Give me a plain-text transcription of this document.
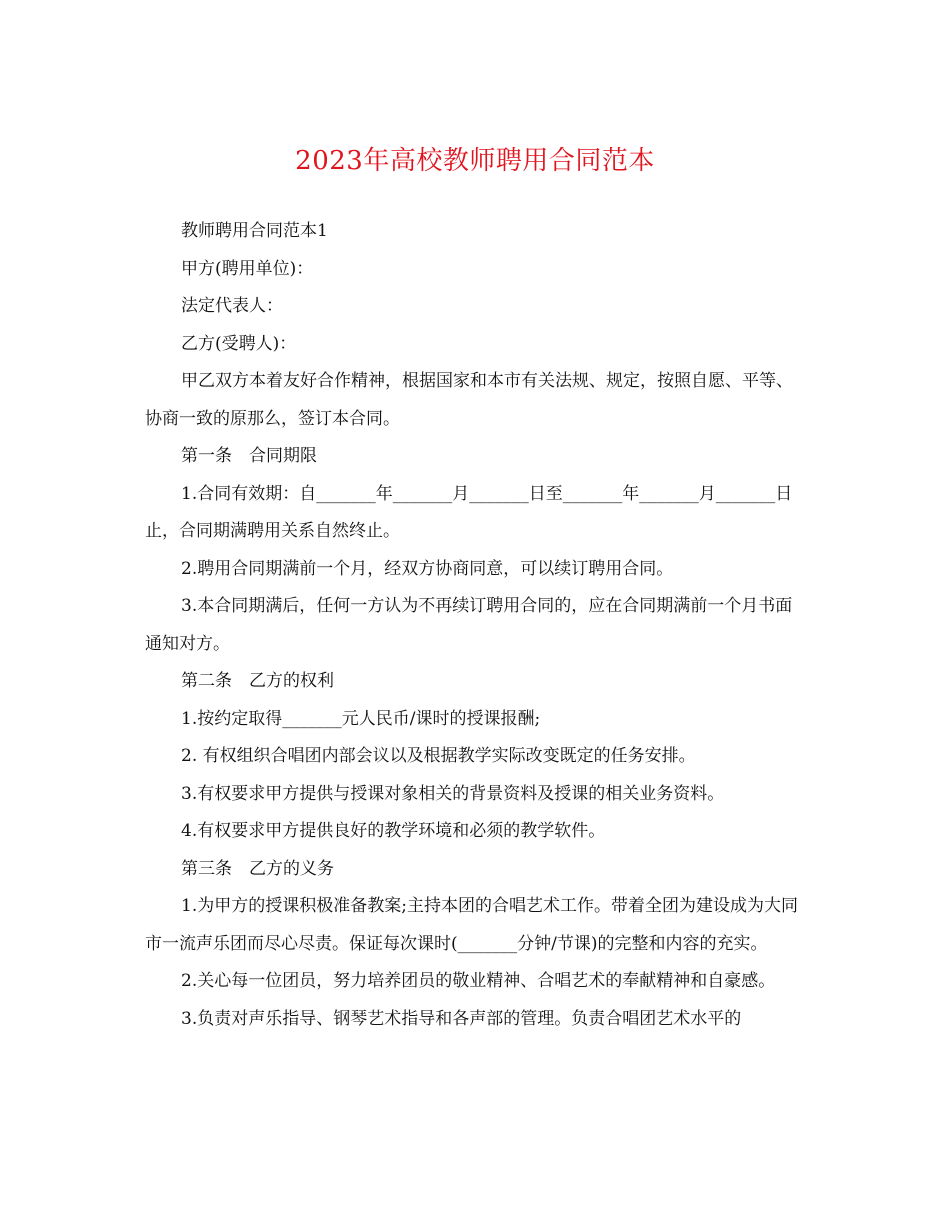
2023年高校教师聘用合同范本

教师聘用合同范本1

甲方(聘用单位)：

法定代表人：

乙方(受聘人)：

甲乙双方本着友好合作精神，根据国家和本市有关法规、规定，按照自愿、平等、协商一致的原那么，签订本合同。

第一条　合同期限

1.合同有效期：自_______年_______月_______日至_______年_______月_______日止，合同期满聘用关系自然终止。

2.聘用合同期满前一个月，经双方协商同意，可以续订聘用合同。

3.本合同期满后，任何一方认为不再续订聘用合同的，应在合同期满前一个月书面通知对方。

第二条　乙方的权利

1.按约定取得_______元人民币/课时的授课报酬;

2. 有权组织合唱团内部会议以及根据教学实际改变既定的任务安排。

3.有权要求甲方提供与授课对象相关的背景资料及授课的相关业务资料。

4.有权要求甲方提供良好的教学环境和必须的教学软件。

第三条　乙方的义务

1.为甲方的授课积极准备教案;主持本团的合唱艺术工作。带着全团为建设成为大同市一流声乐团而尽心尽责。保证每次课时(_______分钟/节课)的完整和内容的充实。

2.关心每一位团员，努力培养团员的敬业精神、合唱艺术的奉献精神和自豪感。

3.负责对声乐指导、钢琴艺术指导和各声部的管理。负责合唱团艺术水平的
